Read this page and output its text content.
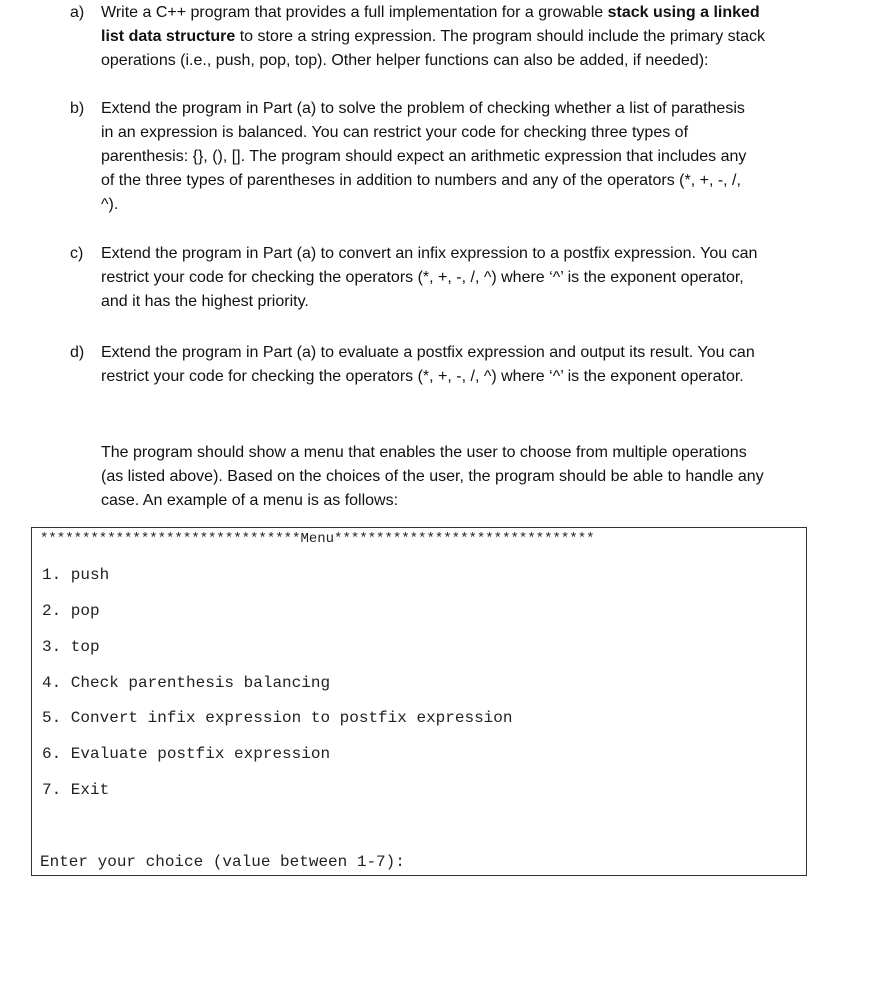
a) Write a C++ program that provides a full implementation for a growable stack using a linked
list data structure to store a string expression. The program should include the primary stack
operations (i.e., push, pop, top). Other helper functions can also be added, if needed):
b) Extend the program in Part (a) to solve the problem of checking whether a list of parathesis
in an expression is balanced. You can restrict your code for checking three types of
parenthesis: {}, (), []. The program should expect an arithmetic expression that includes any
of the three types of parentheses in addition to numbers and any of the operators (*, +, -, /,
^).
c) Extend the program in Part (a) to convert an infix expression to a postfix expression. You can
restrict your code for checking the operators (*, +, -, /, ^) where ‘^’ is the exponent operator,
and it has the highest priority.
d) Extend the program in Part (a) to evaluate a postfix expression and output its result. You can
restrict your code for checking the operators (*, +, -, /, ^) where ‘^’ is the exponent operator.
The program should show a menu that enables the user to choose from multiple operations
(as listed above). Based on the choices of the user, the program should be able to handle any
case. An example of a menu is as follows:
*******************************Menu*******************************
1. push
2. pop
3. top
4. Check parenthesis balancing
5. Convert infix expression to postfix expression
6. Evaluate postfix expression
7. Exit
Enter your choice (value between 1-7):
